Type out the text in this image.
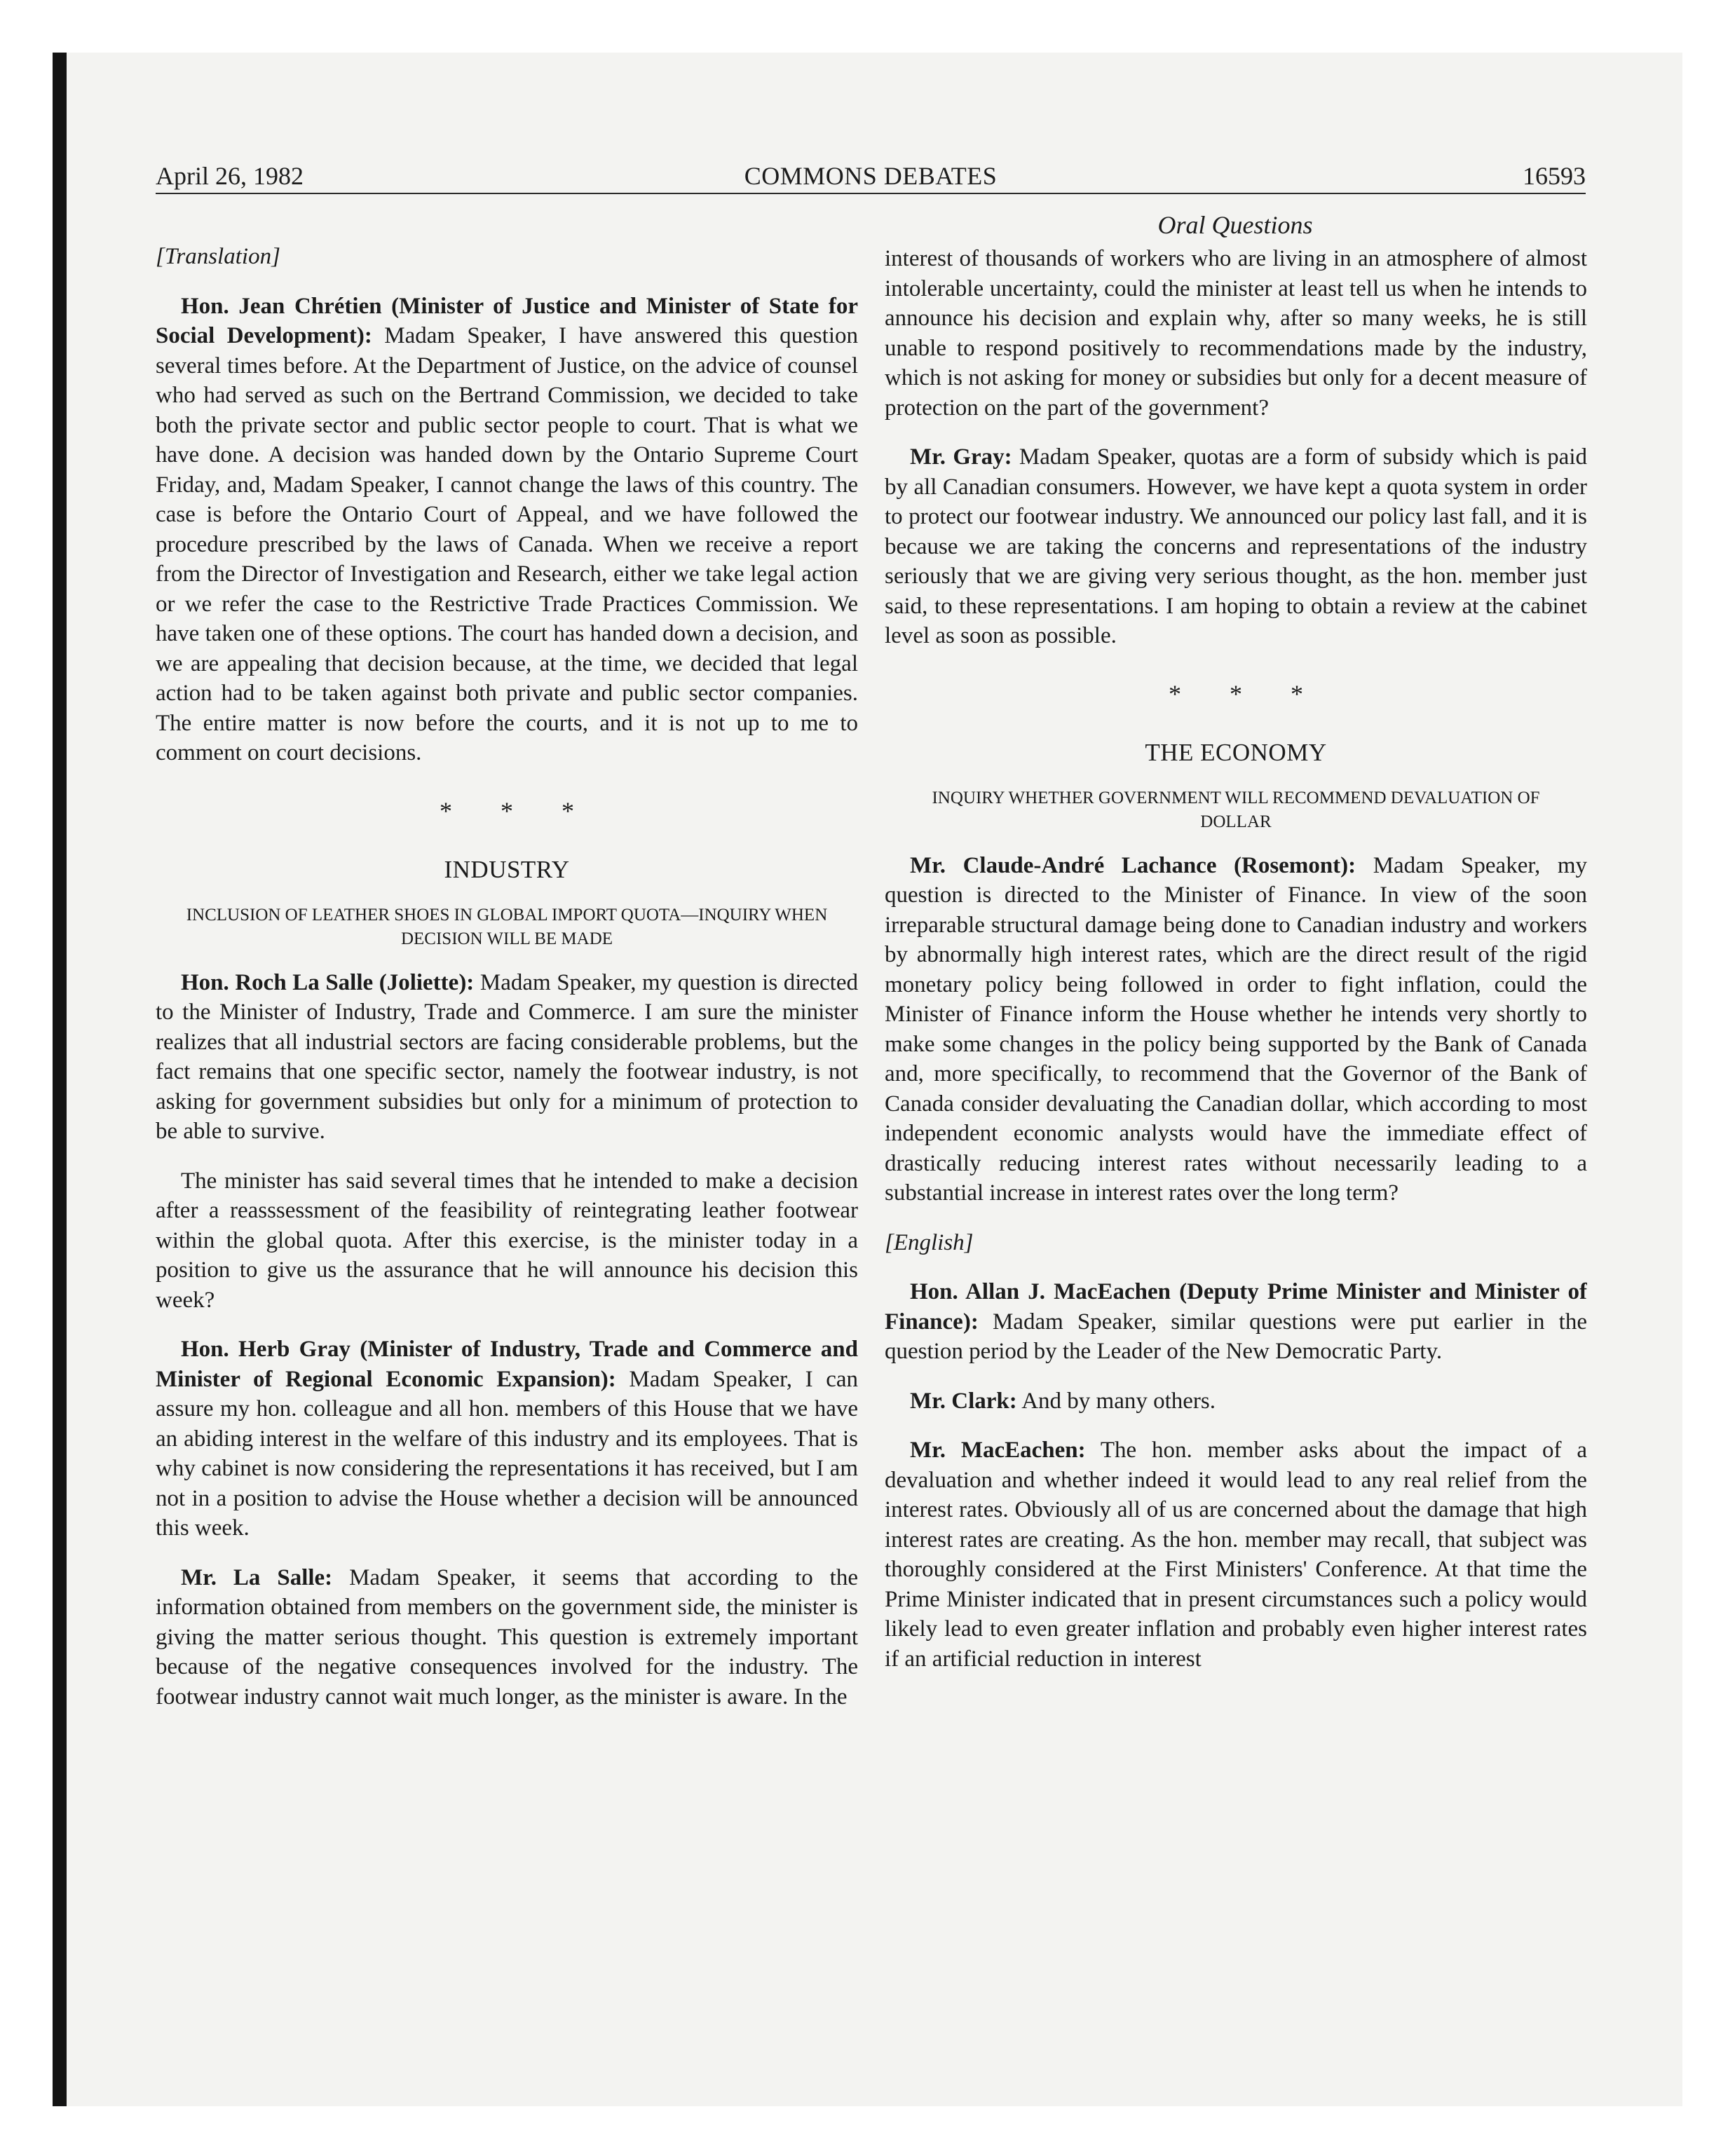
April 26, 1982	COMMONS DEBATES	16593
Oral Questions

[Translation]

Hon. Jean Chrétien (Minister of Justice and Minister of State for Social Development): Madam Speaker, I have answered this question several times before. At the Department of Justice, on the advice of counsel who had served as such on the Bertrand Commission, we decided to take both the private sector and public sector people to court. That is what we have done. A decision was handed down by the Ontario Supreme Court Friday, and, Madam Speaker, I cannot change the laws of this country. The case is before the Ontario Court of Appeal, and we have followed the procedure prescribed by the laws of Canada. When we receive a report from the Director of Investigation and Research, either we take legal action or we refer the case to the Restrictive Trade Practices Commission. We have taken one of these options. The court has handed down a decision, and we are appealing that decision because, at the time, we decided that legal action had to be taken against both private and public sector companies. The entire matter is now before the courts, and it is not up to me to comment on court decisions.

* * *
INDUSTRY
INCLUSION OF LEATHER SHOES IN GLOBAL IMPORT QUOTA—INQUIRY WHEN DECISION WILL BE MADE

Hon. Roch La Salle (Joliette): Madam Speaker, my question is directed to the Minister of Industry, Trade and Commerce. I am sure the minister realizes that all industrial sectors are facing considerable problems, but the fact remains that one specific sector, namely the footwear industry, is not asking for government subsidies but only for a minimum of protection to be able to survive.

The minister has said several times that he intended to make a decision after a reasssessment of the feasibility of reintegrating leather footwear within the global quota. After this exercise, is the minister today in a position to give us the assurance that he will announce his decision this week?

Hon. Herb Gray (Minister of Industry, Trade and Commerce and Minister of Regional Economic Expansion): Madam Speaker, I can assure my hon. colleague and all hon. members of this House that we have an abiding interest in the welfare of this industry and its employees. That is why cabinet is now considering the representations it has received, but I am not in a position to advise the House whether a decision will be announced this week.

Mr. La Salle: Madam Speaker, it seems that according to the information obtained from members on the government side, the minister is giving the matter serious thought. This question is extremely important because of the negative consequences involved for the industry. The footwear industry cannot wait much longer, as the minister is aware. In the

interest of thousands of workers who are living in an atmosphere of almost intolerable uncertainty, could the minister at least tell us when he intends to announce his decision and explain why, after so many weeks, he is still unable to respond positively to recommendations made by the industry, which is not asking for money or subsidies but only for a decent measure of protection on the part of the government?

Mr. Gray: Madam Speaker, quotas are a form of subsidy which is paid by all Canadian consumers. However, we have kept a quota system in order to protect our footwear industry. We announced our policy last fall, and it is because we are taking the concerns and representations of the industry seriously that we are giving very serious thought, as the hon. member just said, to these representations. I am hoping to obtain a review at the cabinet level as soon as possible.

* * *
THE ECONOMY
INQUIRY WHETHER GOVERNMENT WILL RECOMMEND DEVALUATION OF DOLLAR

Mr. Claude-André Lachance (Rosemont): Madam Speaker, my question is directed to the Minister of Finance. In view of the soon irreparable structural damage being done to Canadian industry and workers by abnormally high interest rates, which are the direct result of the rigid monetary policy being followed in order to fight inflation, could the Minister of Finance inform the House whether he intends very shortly to make some changes in the policy being supported by the Bank of Canada and, more specifically, to recommend that the Governor of the Bank of Canada consider devaluating the Canadian dollar, which according to most independent economic analysts would have the immediate effect of drastically reducing interest rates without necessarily leading to a substantial increase in interest rates over the long term?

[English]

Hon. Allan J. MacEachen (Deputy Prime Minister and Minister of Finance): Madam Speaker, similar questions were put earlier in the question period by the Leader of the New Democratic Party.

Mr. Clark: And by many others.

Mr. MacEachen: The hon. member asks about the impact of a devaluation and whether indeed it would lead to any real relief from the interest rates. Obviously all of us are concerned about the damage that high interest rates are creating. As the hon. member may recall, that subject was thoroughly considered at the First Ministers' Conference. At that time the Prime Minister indicated that in present circumstances such a policy would likely lead to even greater inflation and probably even higher interest rates if an artificial reduction in interest
